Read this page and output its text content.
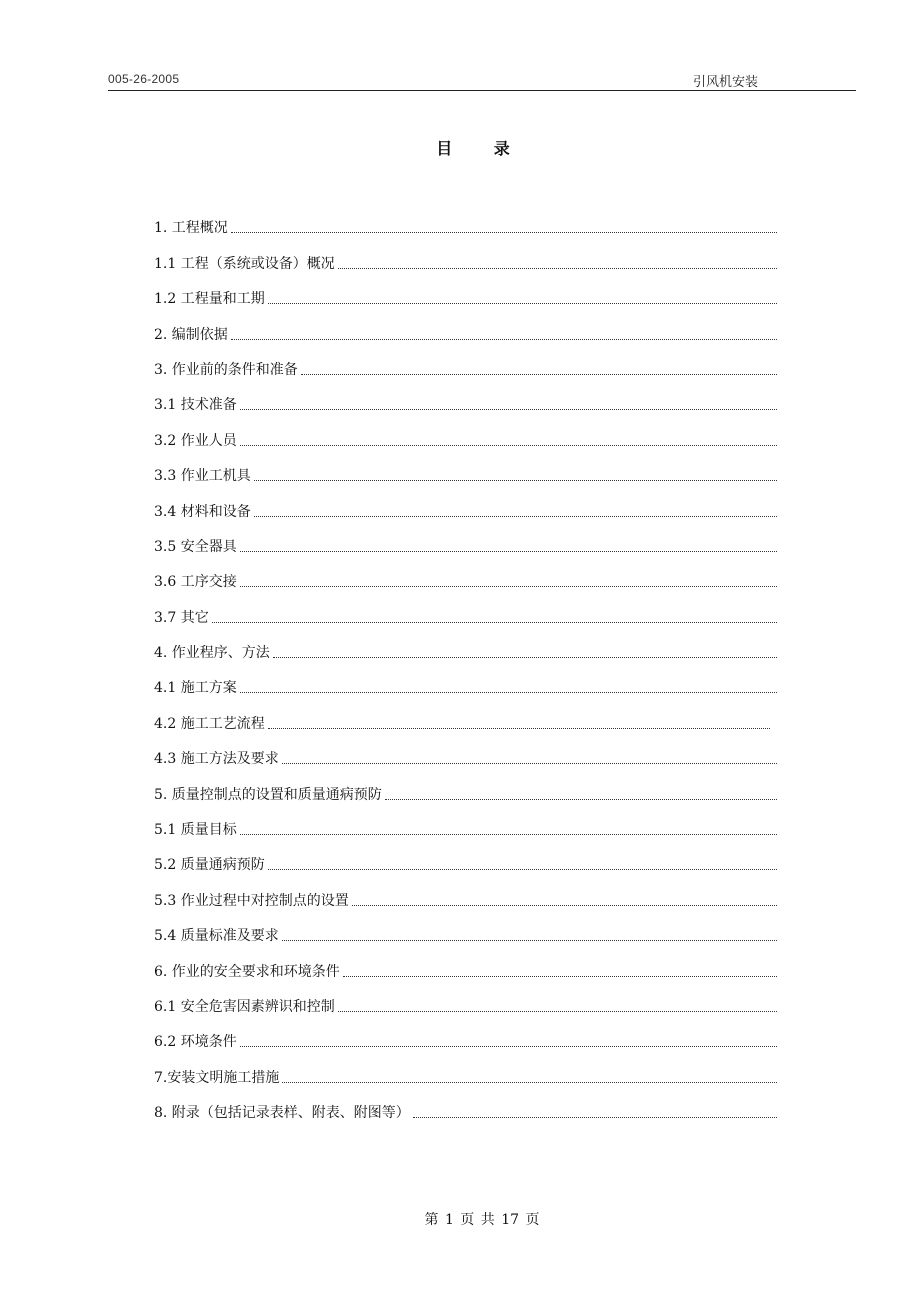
005-26-2005	引风机安装
目 录
1. 工程概况
1.1 工程（系统或设备）概况
1.2 工程量和工期
2. 编制依据
3. 作业前的条件和准备
3.1 技术准备
3.2 作业人员
3.3 作业工机具
3.4 材料和设备
3.5 安全器具
3.6 工序交接
3.7 其它
4. 作业程序、方法
4.1 施工方案
4.2 施工工艺流程
4.3 施工方法及要求
5. 质量控制点的设置和质量通病预防
5.1 质量目标
5.2 质量通病预防
5.3 作业过程中对控制点的设置
5.4 质量标准及要求
6. 作业的安全要求和环境条件
6.1 安全危害因素辨识和控制
6.2 环境条件
7.安装文明施工措施
8. 附录（包括记录表样、附表、附图等）
第 1 页 共 17 页
